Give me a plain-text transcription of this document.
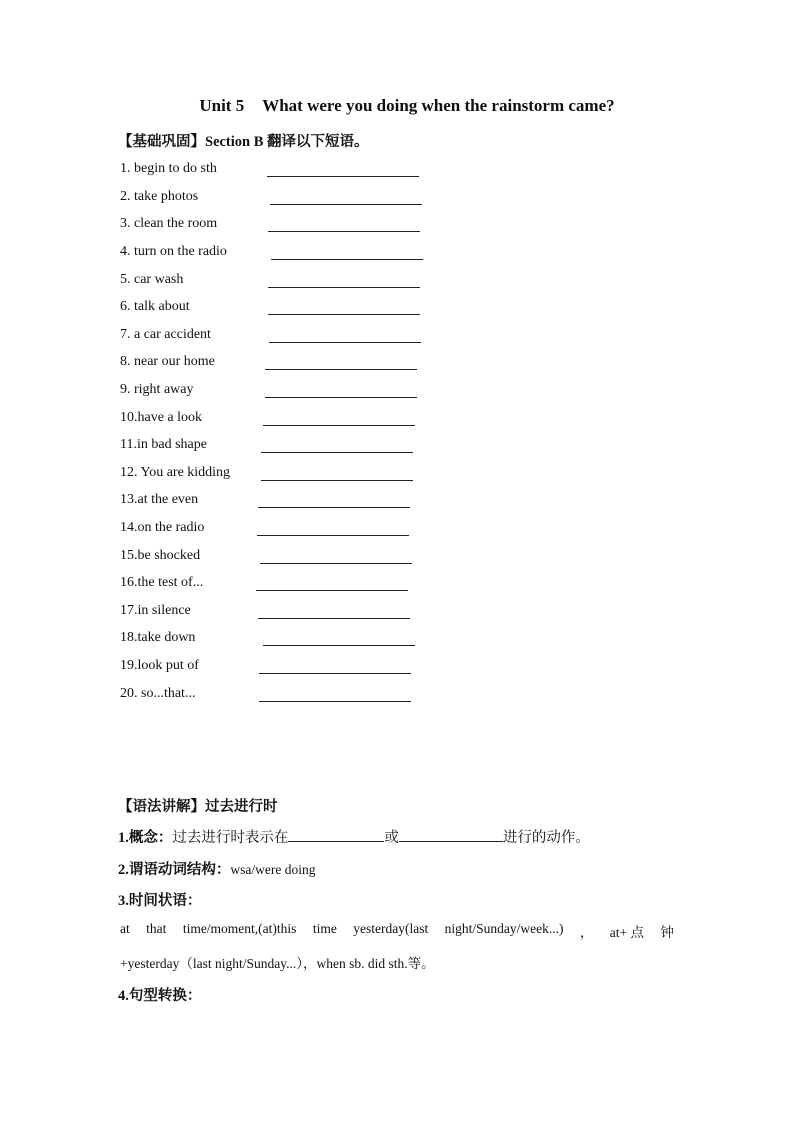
Unit 5 What were you doing when the rainstorm came?
【基础巩固】Section B 翻译以下短语。
1. begin to do sth
2. take photos
3. clean the room
4. turn on the radio
5. car wash
6. talk about
7. a car accident
8. near our home
9. right away
10.have a look
11.in bad shape
12. You are kidding
13.at the even
14.on the radio
15.be shocked
16.the test of...
17.in silence
18.take down
19.look put of
20. so...that...
【语法讲解】过去进行时
1.概念：过去进行时表示在	或	进行的动作。
2.谓语动词结构：wsa/were doing
3.时间状语：
at that time/moment,(at)this time yesterday(last night/Sunday/week...) ， at+ 点 钟
+yesterday（last night/Sunday...），when sb. did sth.等。
4.句型转换：
